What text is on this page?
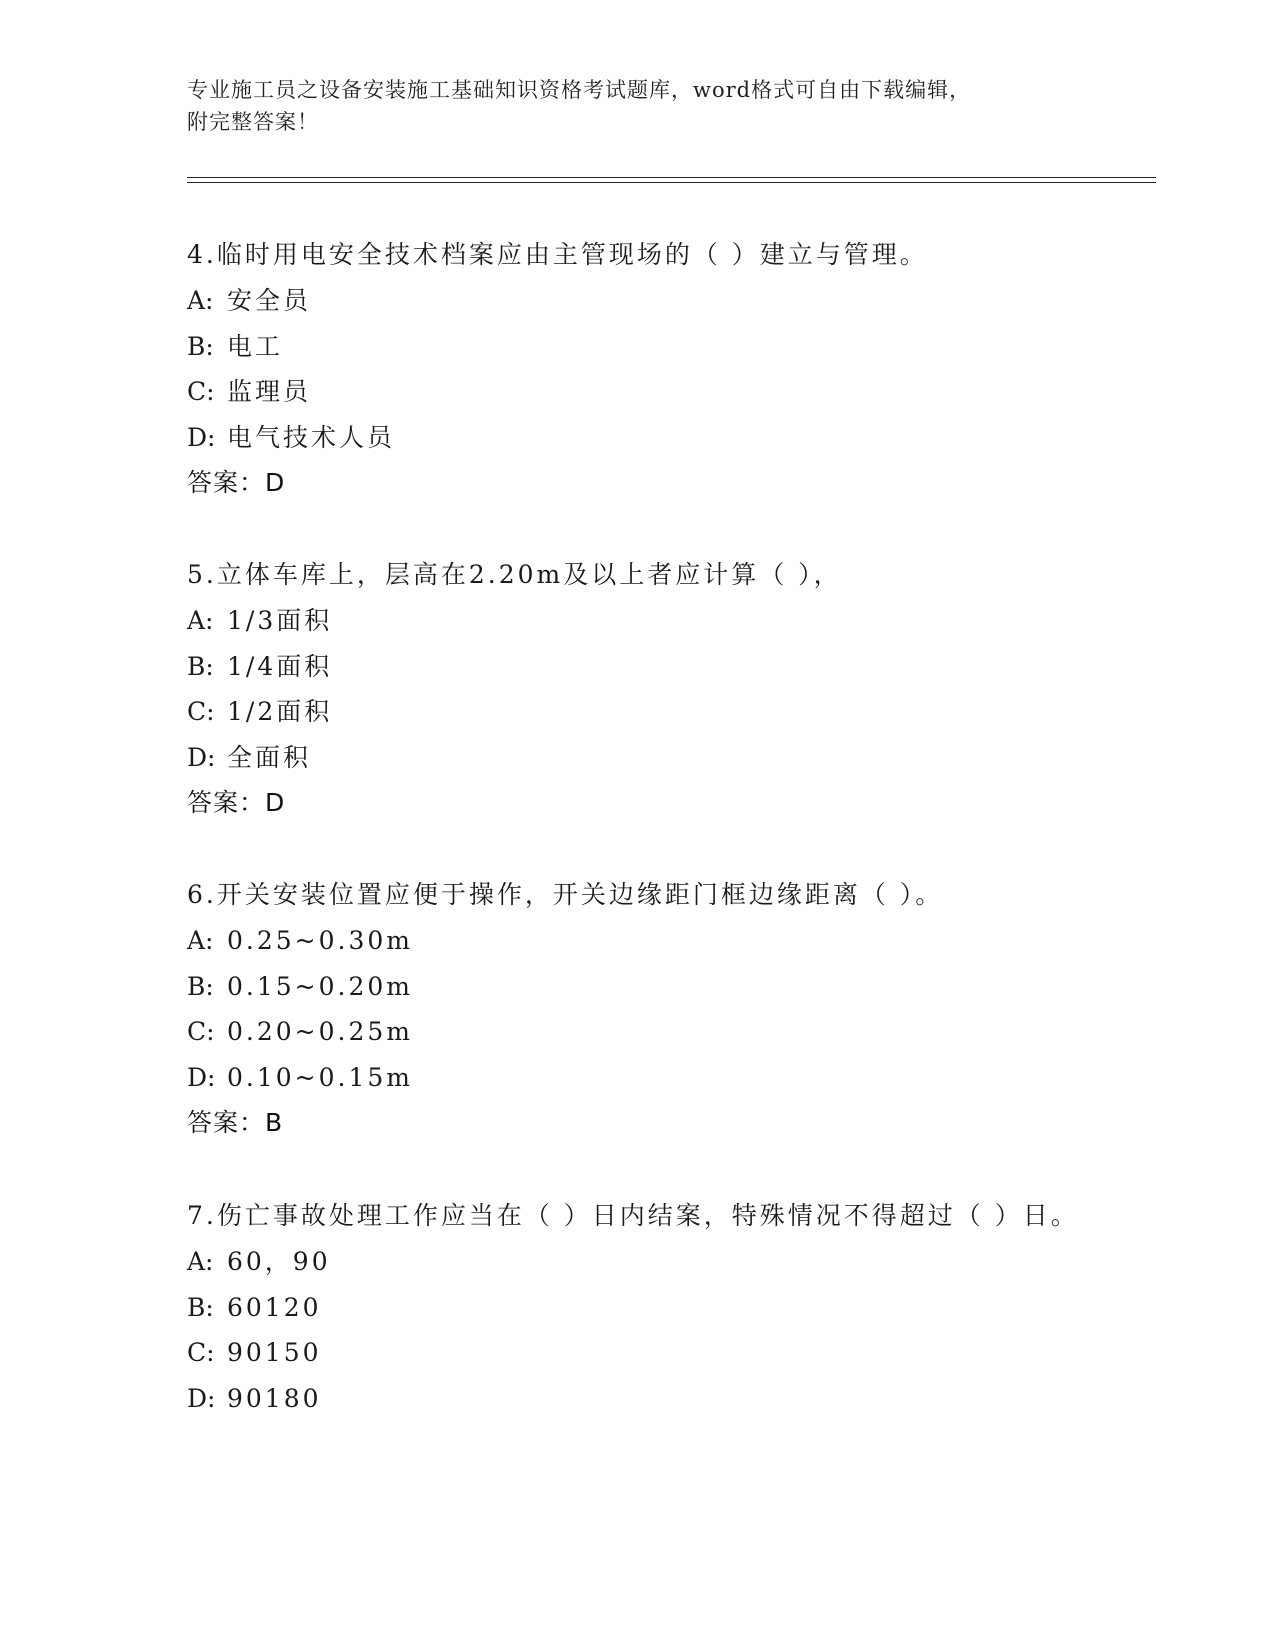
专业施工员之设备安装施工基础知识资格考试题库，word格式可自由下载编辑，
附完整答案！

4.临时用电安全技术档案应由主管现场的（ ）建立与管理。

A: 安全员
B: 电工
C: 监理员
D: 电气技术人员
答案：D

5.立体车库上，层高在2.20m及以上者应计算（ ），

A: 1/3面积
B: 1/4面积
C: 1/2面积
D: 全面积
答案：D

6.开关安装位置应便于操作，开关边缘距门框边缘距离（ ）。

A: 0.25~0.30m
B: 0.15~0.20m
C: 0.20~0.25m
D: 0.10~0.15m
答案：B

7.伤亡事故处理工作应当在（ ）日内结案，特殊情况不得超过（ ）日。

A: 60，90
B: 60120
C: 90150
D: 90180
